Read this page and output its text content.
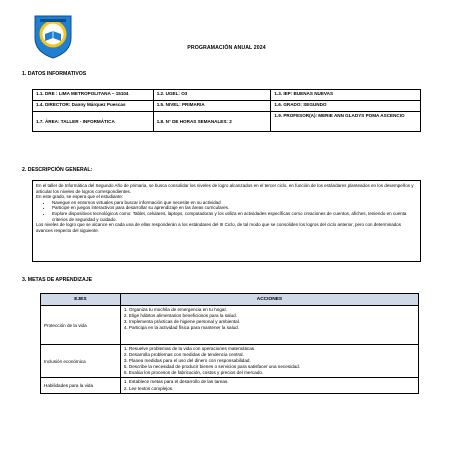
PROGRAMACIÓN ANUAL 2024
1. DATOS INFORMATIVOS
1.1. DRE : LIMA METROPOLITANA – 15104	1.2. UGEL: O3	1.3. IEP: BUENAS NUEVAS
1.4. DIRECTOR: Danny Márquez Puescas	1.5. NIVEL: PRIMARIA	1.6. GRADO: SEGUNDO
1.7. ÁREA: TALLER - INFORMÁTICA	1.8. N° DE HORAS SEMANALES: 2	1.9. PROFESOR(A): MERIE ANN GLADYS POMA ASCENCIO
2. DESCRIPCIÓN GENERAL:
En el taller de Informática del Segundo Año de primaria, se busca consolidar los niveles de logro alcanzados en el tercer ciclo, en función de los estándares planteados en los desempeños y articular los niveles de logros correspondientes.
En este grado, se espera que el estudiante:
• Navegue en entornos virtuales para buscar información que necesite en su actividad
• Participe en juegos interactivos para desarrollar su aprendizaje en las áreas curriculares.
• Explore dispositivos tecnológicos como: Tablet, celulares, laptops, computadoras y los utiliza en actividades específicas como creaciones de cuentos, afiches, teniendo en cuenta criterios de seguridad y cuidado.
Los niveles de logro que se alcance en cada una de ellas responderán a los estándares del III Ciclo, de tal modo que se consoliden los logros del ciclo anterior, pero con determinados avances respecto del siguiente.
3. METAS DE APRENDIZAJE
EJES	ACCIONES
Protección de la vida	1. Organiza tu mochila de emergencia en tu hogar.
2. Elige hábitos alimentarios beneficiosos para la salud.
3. Implementa prácticas de higiene personal y ambiental.
4. Participa en la actividad física para mantener la salud.

Inclusión económica	1. Resuelve problemas de la vida con operaciones matemáticas.
2. Desarrolla problemas con medidas de tendencia central.
3. Planea medidas para el uso del dinero con responsabilidad.
5. Describe la necesidad de producir bienes o servicios para satisfacer una necesidad.
6. Evalúa los procesos de fabricación, costos y precios del mercado.

Habilidades para la vida	1. Establece metas para el desarrollo de las tareas.
2. Lee textos complejos.
